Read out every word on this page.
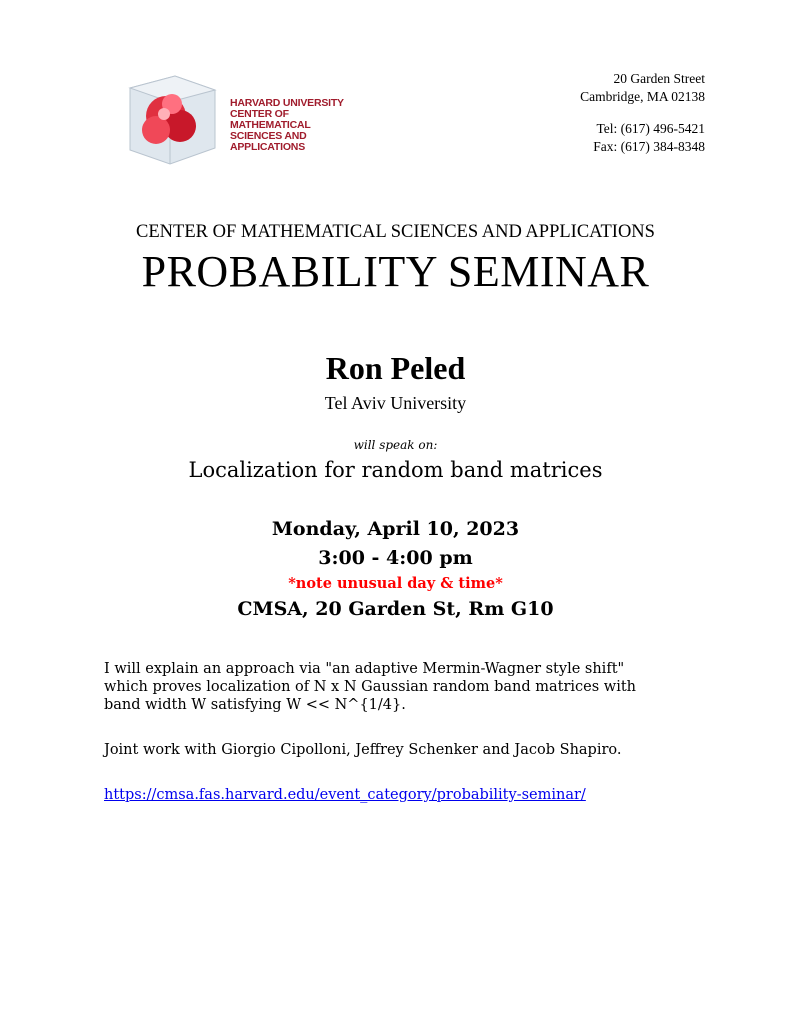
HARVARD UNIVERSITY
CENTER OF MATHEMATICAL
SCIENCES AND APPLICATIONS
20 Garden Street
Cambridge, MA 02138
Tel: (617) 496-5421
Fax: (617) 384-8348
CENTER OF MATHEMATICAL SCIENCES AND APPLICATIONS
PROBABILITY SEMINAR
Ron Peled
Tel Aviv University
will speak on:
Localization for random band matrices
Monday, April 10, 2023
3:00 - 4:00 pm
*note unusual day & time*
CMSA, 20 Garden St, Rm G10
I will explain an approach via "an adaptive Mermin-Wagner style shift"
which proves localization of N x N Gaussian random band matrices with
band width W satisfying W << N^{1/4}.
Joint work with Giorgio Cipolloni, Jeffrey Schenker and Jacob Shapiro.
https://cmsa.fas.harvard.edu/event_category/probability-seminar/
